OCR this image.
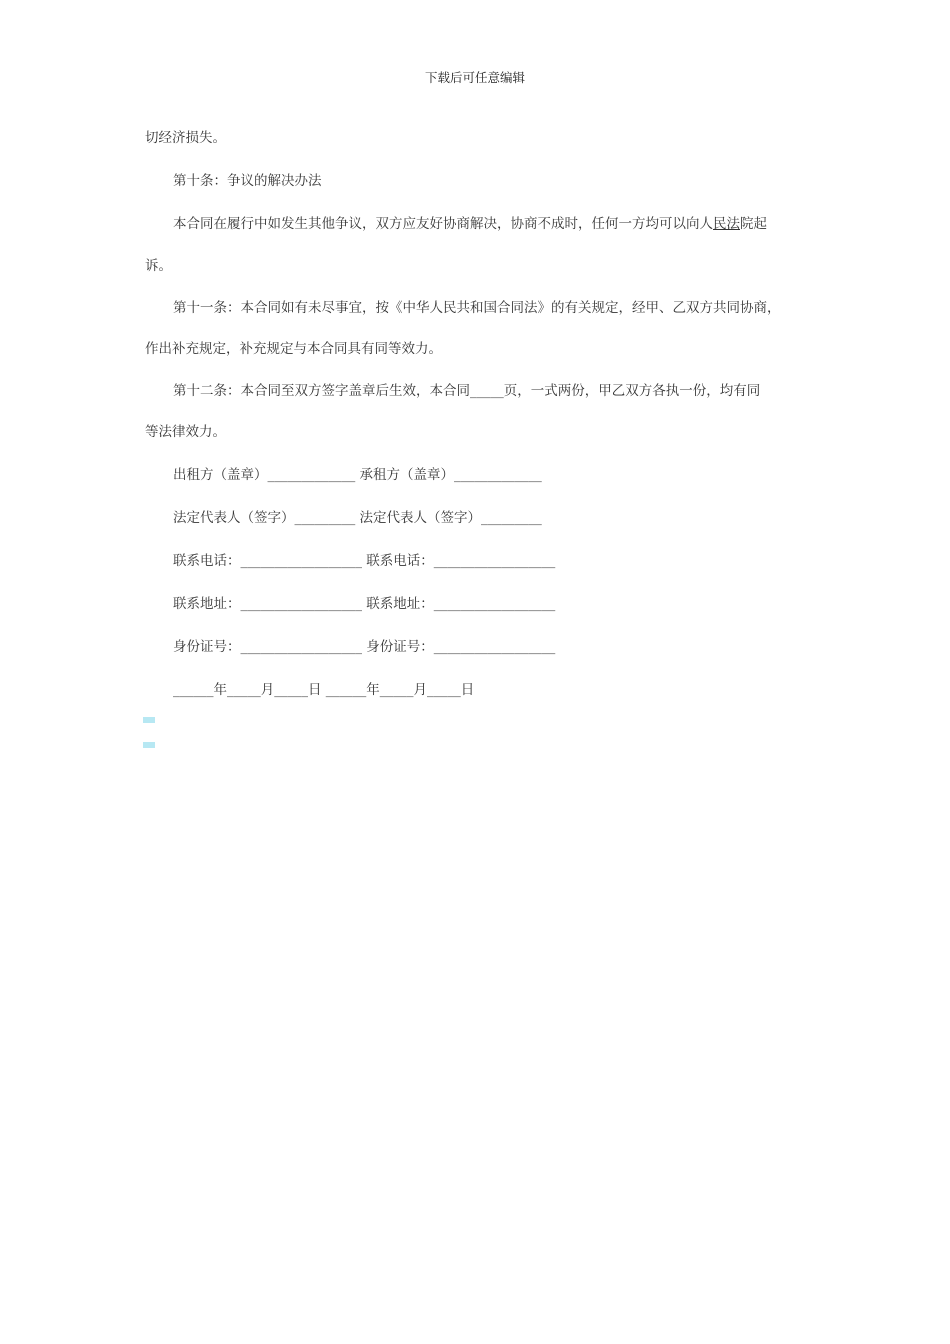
下载后可任意编辑
切经济损失。
第十条：争议的解决办法
本合同在履行中如发生其他争议，双方应友好协商解决，协商不成时，任何一方均可以向人民法院起
诉。
第十一条：本合同如有未尽事宜，按《中华人民共和国合同法》的有关规定，经甲、乙双方共同协商，
作出补充规定，补充规定与本合同具有同等效力。
第十二条：本合同至双方签字盖章后生效，本合同_____页，一式两份，甲乙双方各执一份，均有同
等法律效力。
出租方（盖章）_____________ 承租方（盖章）_____________
法定代表人（签字）_________ 法定代表人（签字）_________
联系电话：__________________ 联系电话：__________________
联系地址：__________________ 联系地址：__________________
身份证号：__________________ 身份证号：__________________
______年_____月_____日 ______年_____月_____日
